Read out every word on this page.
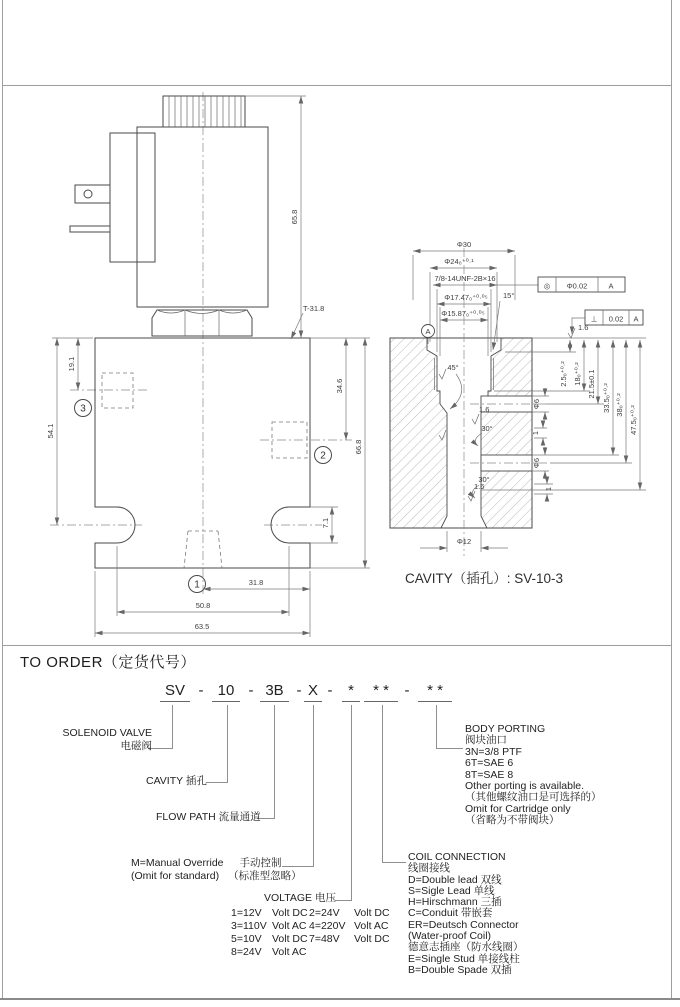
3
2
1
65.8
T-31.8
19.1
54.1
34.6
66.8
7.1
31.8
50.8
63.5
A
◎ Φ0.02	A
⊥ 0.02 A
1.6
1.6
1.6
Φ30
Φ24₀⁺⁰·¹
7/8-14UNF-2B×16
Φ17.47₀⁺⁰·⁰⁵
Φ15.87₀⁺⁰·⁰⁵
15°
45°
30°
30°
Φ6
Φ6
1
1
2.5₀⁺⁰·² 18₀⁺⁰·² 21.5±0.1 33.5₀⁺⁰·² 38₀⁺⁰·²
47.5₀⁺⁰·²
Φ12
CAVITY（插孔）: SV-10-3
TO ORDER（定货代号）
SV - 10 - 3B - X -	*	* *	-	* *
SOLENOID VALVE
电磁阀
CAVITY 插孔
FLOW PATH 流量通道
M=Manual Override 手动控制
(Omit for standard) （标准型忽略）
VOLTAGE 电压
1=12V Volt DC 2=24V	Volt DC
3=110V Volt AC 4=220V Volt AC
5=10V Volt DC 7=48V	Volt DC
8=24V Volt AC
COIL CONNECTION
线圈接线
D=Double lead 双线
S=Sigle Lead 单线
H=Hirschmann 三插
C=Conduit 带嵌套
ER=Deutsch Connector
(Water-proof Coil)
德意志插座（防水线圈）
E=Single Stud 单接线柱
B=Double Spade 双插
BODY PORTING
阀块油口
3N=3/8 PTF
6T=SAE 6
8T=SAE 8
Other porting is available.
（其他螺纹油口是可选择的）
Omit for Cartridge only
（省略为不带阀块）
